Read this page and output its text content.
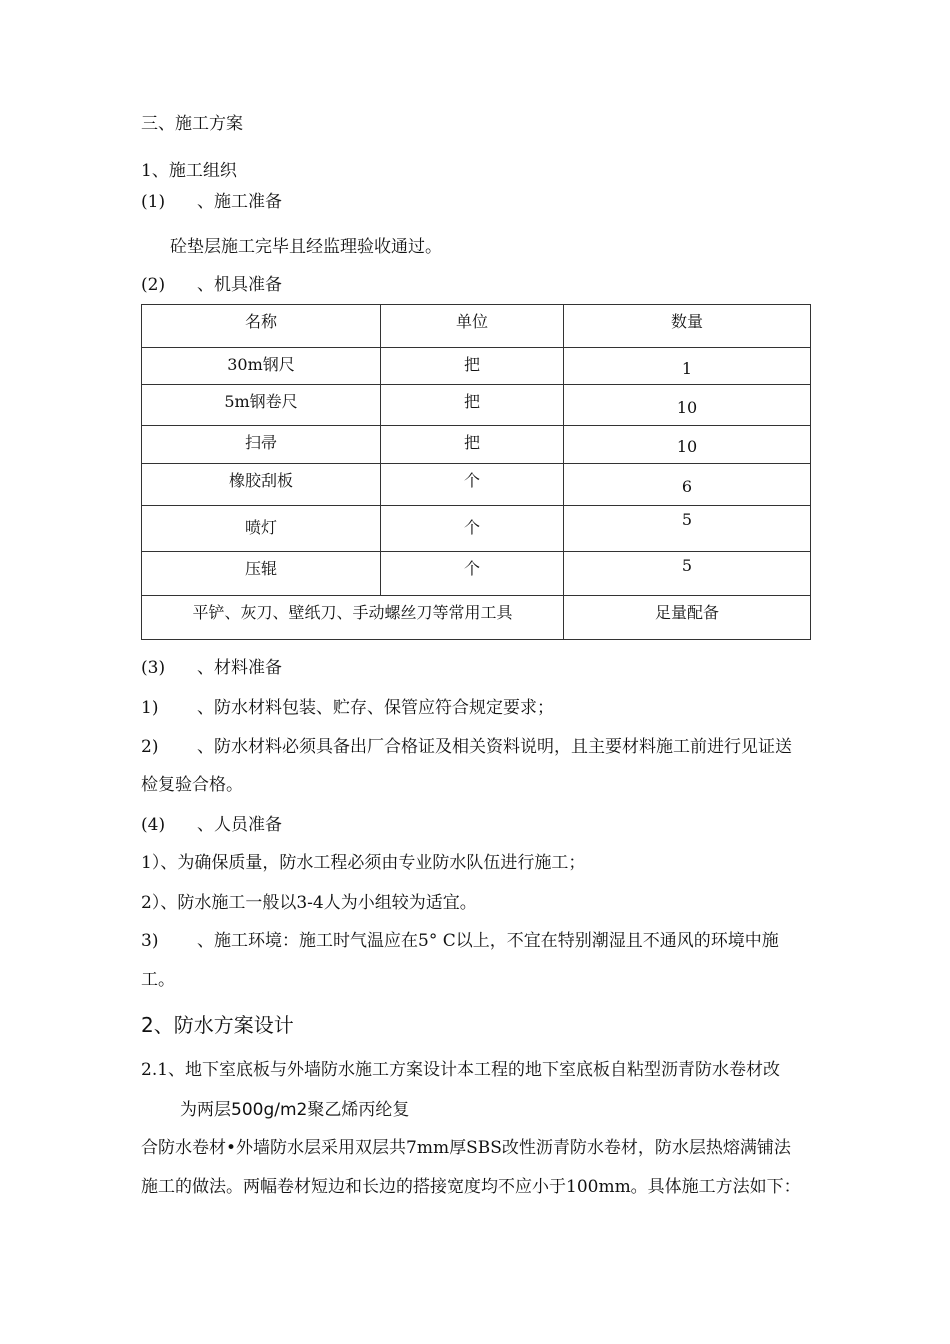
三、施工方案
1、施工组织
(1) 、施工准备
砼垫层施工完毕且经监理验收通过。
(2) 、机具准备
名称	单位	数量
30m钢尺	把	1
5m钢卷尺	把	10
扫帚	把	10
橡胶刮板	个	6
喷灯	个	5
压辊	个	5
平铲、灰刀、壁纸刀、手动螺丝刀等常用工具		足量配备
(3) 、材料准备
1) 、防水材料包装、贮存、保管应符合规定要求；
2) 、防水材料必须具备出厂合格证及相关资料说明，且主要材料施工前进行见证送
检复验合格。
(4) 、人员准备
1）、为确保质量，防水工程必须由专业防水队伍进行施工；
2）、防水施工一般以3-4人为小组较为适宜。
3) 、施工环境：施工时气温应在5° C以上，不宜在特别潮湿且不通风的环境中施
工。
2、防水方案设计
2.1、地下室底板与外墙防水施工方案设计本工程的地下室底板自粘型沥青防水卷材改
为两层500g/m2聚乙烯丙纶复
合防水卷材•外墙防水层采用双层共7mm厚SBS改性沥青防水卷材，防水层热熔满铺法
施工的做法。两幅卷材短边和长边的搭接宽度均不应小于100mm。具体施工方法如下：
